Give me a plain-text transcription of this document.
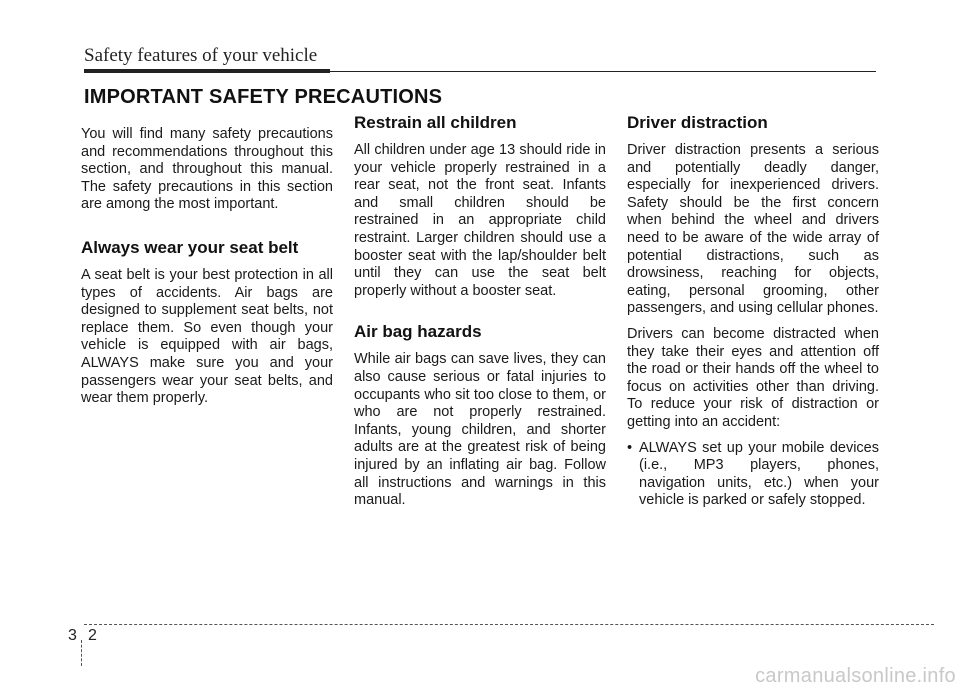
Safety features of your vehicle
IMPORTANT SAFETY PRECAUTIONS

You will find many safety precautions and recommendations throughout this section, and throughout this manual. The safety precautions in this section are among the most important.

Always wear your seat belt

A seat belt is your best protection in all types of accidents. Air bags are designed to supplement seat belts, not replace them. So even though your vehicle is equipped with air bags, ALWAYS make sure you and your passengers wear your seat belts, and wear them properly.

Restrain all children

All children under age 13 should ride in your vehicle properly restrained in a rear seat, not the front seat. Infants and small children should be restrained in an appropriate child restraint. Larger children should use a booster seat with the lap/shoulder belt until they can use the seat belt properly without a booster seat.

Air bag hazards

While air bags can save lives, they can also cause serious or fatal injuries to occupants who sit too close to them, or who are not properly restrained. Infants, young children, and shorter adults are at the greatest risk of being injured by an inflating air bag. Follow all instructions and warnings in this manual.

Driver distraction

Driver distraction presents a serious and potentially deadly danger, especially for inexperienced drivers. Safety should be the first concern when behind the wheel and drivers need to be aware of the wide array of potential distractions, such as drowsiness, reaching for objects, eating, personal grooming, other passengers, and using cellular phones.

Drivers can become distracted when they take their eyes and attention off the road or their hands off the wheel to focus on activities other than driving. To reduce your risk of distraction or getting into an accident:

• ALWAYS set up your mobile devices (i.e., MP3 players, phones, navigation units, etc.) when your vehicle is parked or safely stopped.
3 2
carmanualsonline.info
